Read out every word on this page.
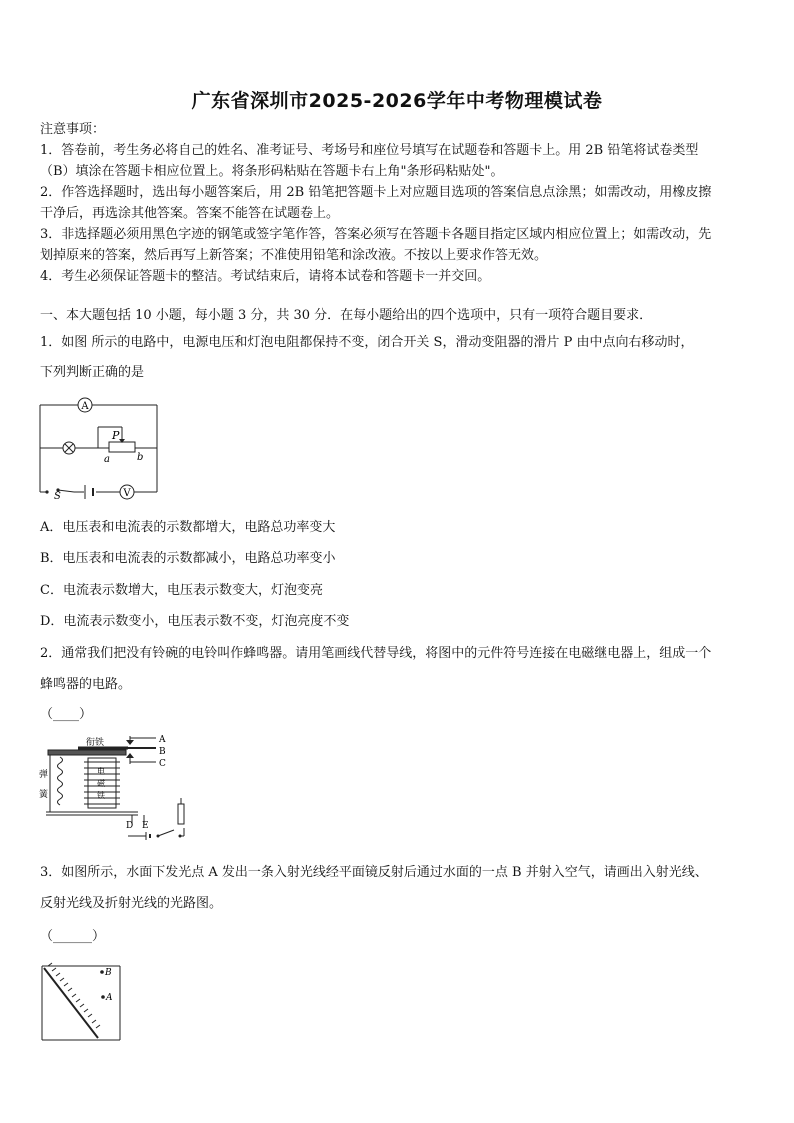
广东省深圳市2025-2026学年中考物理模试卷
注意事项：
1．答卷前，考生务必将自己的姓名、准考证号、考场号和座位号填写在试题卷和答题卡上。用 2B 铅笔将试卷类型
（B）填涂在答题卡相应位置上。将条形码粘贴在答题卡右上角"条形码粘贴处"。
2．作答选择题时，选出每小题答案后，用 2B 铅笔把答题卡上对应题目选项的答案信息点涂黑；如需改动，用橡皮擦
干净后，再选涂其他答案。答案不能答在试题卷上。
3．非选择题必须用黑色字迹的钢笔或签字笔作答，答案必须写在答题卡各题目指定区域内相应位置上；如需改动，先
划掉原来的答案，然后再写上新答案；不准使用铅笔和涂改液。不按以上要求作答无效。
4．考生必须保证答题卡的整洁。考试结束后，请将本试卷和答题卡一并交回。
一、本大题包括 10 小题，每小题 3 分，共 30 分．在每小题给出的四个选项中，只有一项符合题目要求．
1．如图 所示的电路中，电源电压和灯泡电阻都保持不变，闭合开关 S，滑动变阻器的滑片 P 由中点向右移动时，
下列判断正确的是
A
P
a	b
S	V
A．电压表和电流表的示数都增大，电路总功率变大
B．电压表和电流表的示数都减小，电路总功率变小
C．电流表示数增大，电压表示数变大，灯泡变亮
D．电流表示数变小，电压表示数不变，灯泡亮度不变
2．通常我们把没有铃碗的电铃叫作蜂鸣器。请用笔画线代替导线，将图中的元件符号连接在电磁继电器上，组成一个
蜂鸣器的电路。
（____）
衔铁
弹
簧
电
磁
铁
A
B
C
D E
3．如图所示，水面下发光点 A 发出一条入射光线经平面镜反射后通过水面的一点 B 并射入空气，请画出入射光线、
反射光线及折射光线的光路图。
（______）
B
A
